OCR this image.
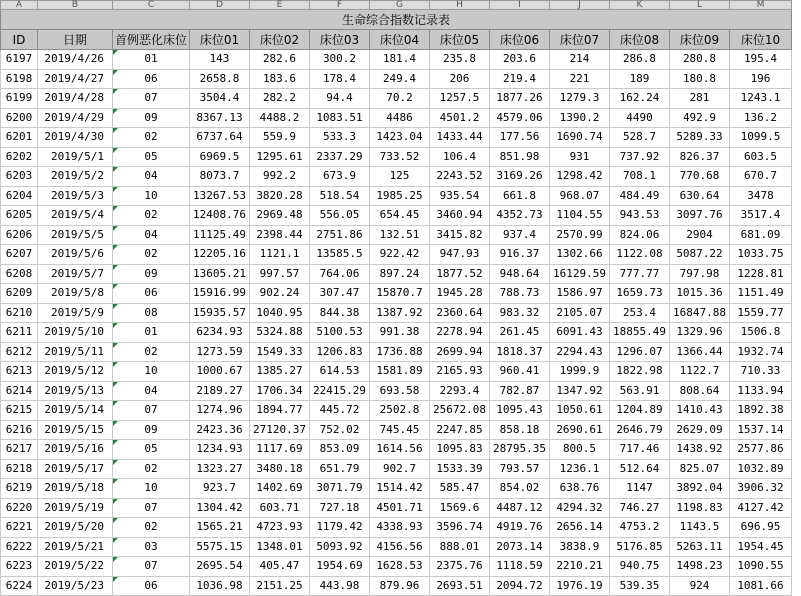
A	B	C	D	E	F	G	H	I	J	K	L	M
生命综合指数记录表												
ID	日期	首例恶化床位	床位01	床位02	床位03	床位04	床位05	床位06	床位07	床位08	床位09	床位10
6197	2019/4/26	01	143	282.6	300.2	181.4	235.8	203.6	214	286.8	280.8	195.4
6198	2019/4/27	06	2658.8	183.6	178.4	249.4	206	219.4	221	189	180.8	196
6199	2019/4/28	07	3504.4	282.2	94.4	70.2	1257.5	1877.26	1279.3	162.24	281	1243.1
6200	2019/4/29	09	8367.13	4488.2	1083.51	4486	4501.2	4579.06	1390.2	4490	492.9	136.2
6201	2019/4/30	02	6737.64	559.9	533.3	1423.04	1433.44	177.56	1690.74	528.7	5289.33	1099.5
6202	2019/5/1	05	6969.5	1295.61	2337.29	733.52	106.4	851.98	931	737.92	826.37	603.5
6203	2019/5/2	04	8073.7	992.2	673.9	125	2243.52	3169.26	1298.42	708.1	770.68	670.7
6204	2019/5/3	10	13267.53	3820.28	518.54	1985.25	935.54	661.8	968.07	484.49	630.64	3478
6205	2019/5/4	02	12408.76	2969.48	556.05	654.45	3460.94	4352.73	1104.55	943.53	3097.76	3517.4
6206	2019/5/5	04	11125.49	2398.44	2751.86	132.51	3415.82	937.4	2570.99	824.06	2904	681.09
6207	2019/5/6	02	12205.16	1121.1	13585.5	922.42	947.93	916.37	1302.66	1122.08	5087.22	1033.75
6208	2019/5/7	09	13605.21	997.57	764.06	897.24	1877.52	948.64	16129.59	777.77	797.98	1228.81
6209	2019/5/8	06	15916.99	902.24	307.47	15870.7	1945.28	788.73	1586.97	1659.73	1015.36	1151.49
6210	2019/5/9	08	15935.57	1040.95	844.38	1387.92	2360.64	983.32	2105.07	253.4	16847.88	1559.77
6211	2019/5/10	01	6234.93	5324.88	5100.53	991.38	2278.94	261.45	6091.43	18855.49	1329.96	1506.8
6212	2019/5/11	02	1273.59	1549.33	1206.83	1736.88	2699.94	1818.37	2294.43	1296.07	1366.44	1932.74
6213	2019/5/12	10	1000.67	1385.27	614.53	1581.89	2165.93	960.41	1999.9	1822.98	1122.7	710.33
6214	2019/5/13	04	2189.27	1706.34	22415.29	693.58	2293.4	782.87	1347.92	563.91	808.64	1133.94
6215	2019/5/14	07	1274.96	1894.77	445.72	2502.8	25672.08	1095.43	1050.61	1204.89	1410.43	1892.38
6216	2019/5/15	09	2423.36	27120.37	752.02	745.45	2247.85	858.18	2690.61	2646.79	2629.09	1537.14
6217	2019/5/16	05	1234.93	1117.69	853.09	1614.56	1095.83	28795.35	800.5	717.46	1438.92	2577.86
6218	2019/5/17	02	1323.27	3480.18	651.79	902.7	1533.39	793.57	1236.1	512.64	825.07	1032.89
6219	2019/5/18	10	923.7	1402.69	3071.79	1514.42	585.47	854.02	638.76	1147	3892.04	3906.32
6220	2019/5/19	07	1304.42	603.71	727.18	4501.71	1569.6	4487.12	4294.32	746.27	1198.83	4127.42
6221	2019/5/20	02	1565.21	4723.93	1179.42	4338.93	3596.74	4919.76	2656.14	4753.2	1143.5	696.95
6222	2019/5/21	03	5575.15	1348.01	5093.92	4156.56	888.01	2073.14	3838.9	5176.85	5263.11	1954.45
6223	2019/5/22	07	2695.54	405.47	1954.69	1628.53	2375.76	1118.59	2210.21	940.75	1498.23	1090.55
6224	2019/5/23	06	1036.98	2151.25	443.98	879.96	2693.51	2094.72	1976.19	539.35	924	1081.66
